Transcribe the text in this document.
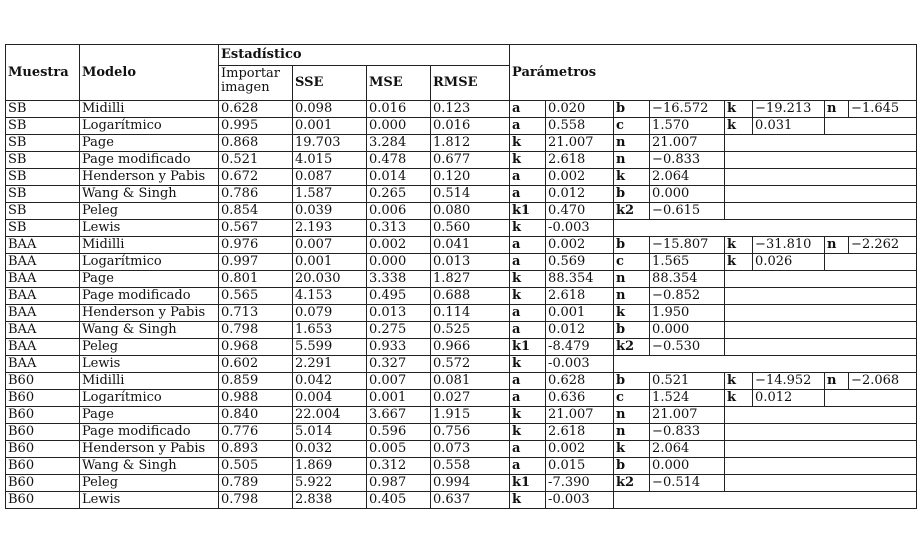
Muestra	Modelo	Estadístico				Parámetros							
		Importar imagen	SSE	MSE	RMSE								
SB	Midilli	0.628	0.098	0.016	0.123	a	0.020	b	−16.572	k	−19.213	n	−1.645
SB	Logarítmico	0.995	0.001	0.000	0.016	a	0.558	c	1.570	k	0.031		
SB	Page	0.868	19.703	3.284	1.812	k	21.007	n	21.007				
SB	Page modificado	0.521	4.015	0.478	0.677	k	2.618	n	−0.833				
SB	Henderson y Pabis	0.672	0.087	0.014	0.120	a	0.002	k	2.064				
SB	Wang & Singh	0.786	1.587	0.265	0.514	a	0.012	b	0.000				
SB	Peleg	0.854	0.039	0.006	0.080	k1	0.470	k2	−0.615				
SB	Lewis	0.567	2.193	0.313	0.560	k	-0.003						
BAA	Midilli	0.976	0.007	0.002	0.041	a	0.002	b	−15.807	k	−31.810	n	−2.262
BAA	Logarítmico	0.997	0.001	0.000	0.013	a	0.569	c	1.565	k	0.026		
BAA	Page	0.801	20.030	3.338	1.827	k	88.354	n	88.354				
BAA	Page modificado	0.565	4.153	0.495	0.688	k	2.618	n	−0.852				
BAA	Henderson y Pabis	0.713	0.079	0.013	0.114	a	0.001	k	1.950				
BAA	Wang & Singh	0.798	1.653	0.275	0.525	a	0.012	b	0.000				
BAA	Peleg	0.968	5.599	0.933	0.966	k1	-8.479	k2	−0.530				
BAA	Lewis	0.602	2.291	0.327	0.572	k	-0.003						
B60	Midilli	0.859	0.042	0.007	0.081	a	0.628	b	0.521	k	−14.952	n	−2.068
B60	Logarítmico	0.988	0.004	0.001	0.027	a	0.636	c	1.524	k	0.012		
B60	Page	0.840	22.004	3.667	1.915	k	21.007	n	21.007				
B60	Page modificado	0.776	5.014	0.596	0.756	k	2.618	n	−0.833				
B60	Henderson y Pabis	0.893	0.032	0.005	0.073	a	0.002	k	2.064				
B60	Wang & Singh	0.505	1.869	0.312	0.558	a	0.015	b	0.000				
B60	Peleg	0.789	5.922	0.987	0.994	k1	-7.390	k2	−0.514				
B60	Lewis	0.798	2.838	0.405	0.637	k	-0.003						
